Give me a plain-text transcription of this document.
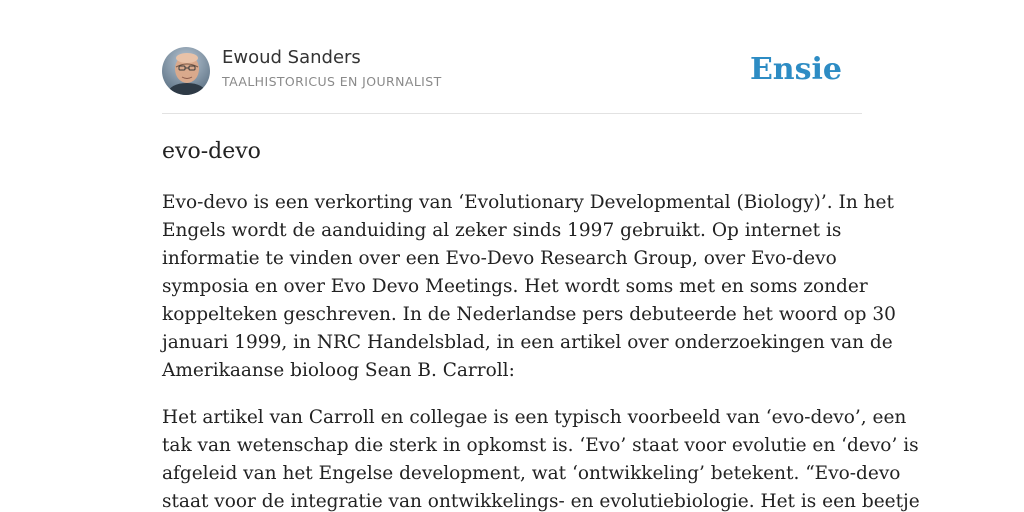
Ewoud Sanders
TAALHISTORICUS EN JOURNALIST	Ensie
evo-devo

Evo-devo is een verkorting van ‘Evolutionary Developmental (Biology)’. In het
Engels wordt de aanduiding al zeker sinds 1997 gebruikt. Op internet is
informatie te vinden over een Evo-Devo Research Group, over Evo-devo
symposia en over Evo Devo Meetings. Het wordt soms met en soms zonder
koppelteken geschreven. In de Nederlandse pers debuteerde het woord op 30
januari 1999, in NRC Handelsblad, in een artikel over onderzoekingen van de
Amerikaanse bioloog Sean B. Carroll:

Het artikel van Carroll en collegae is een typisch voorbeeld van ‘evo-devo’, een
tak van wetenschap die sterk in opkomst is. ‘Evo’ staat voor evolutie en ‘devo’ is
afgeleid van het Engelse development, wat ‘ontwikkeling’ betekent. “Evo-devo
staat voor de integratie van ontwikkelings- en evolutiebiologie. Het is een beetje
